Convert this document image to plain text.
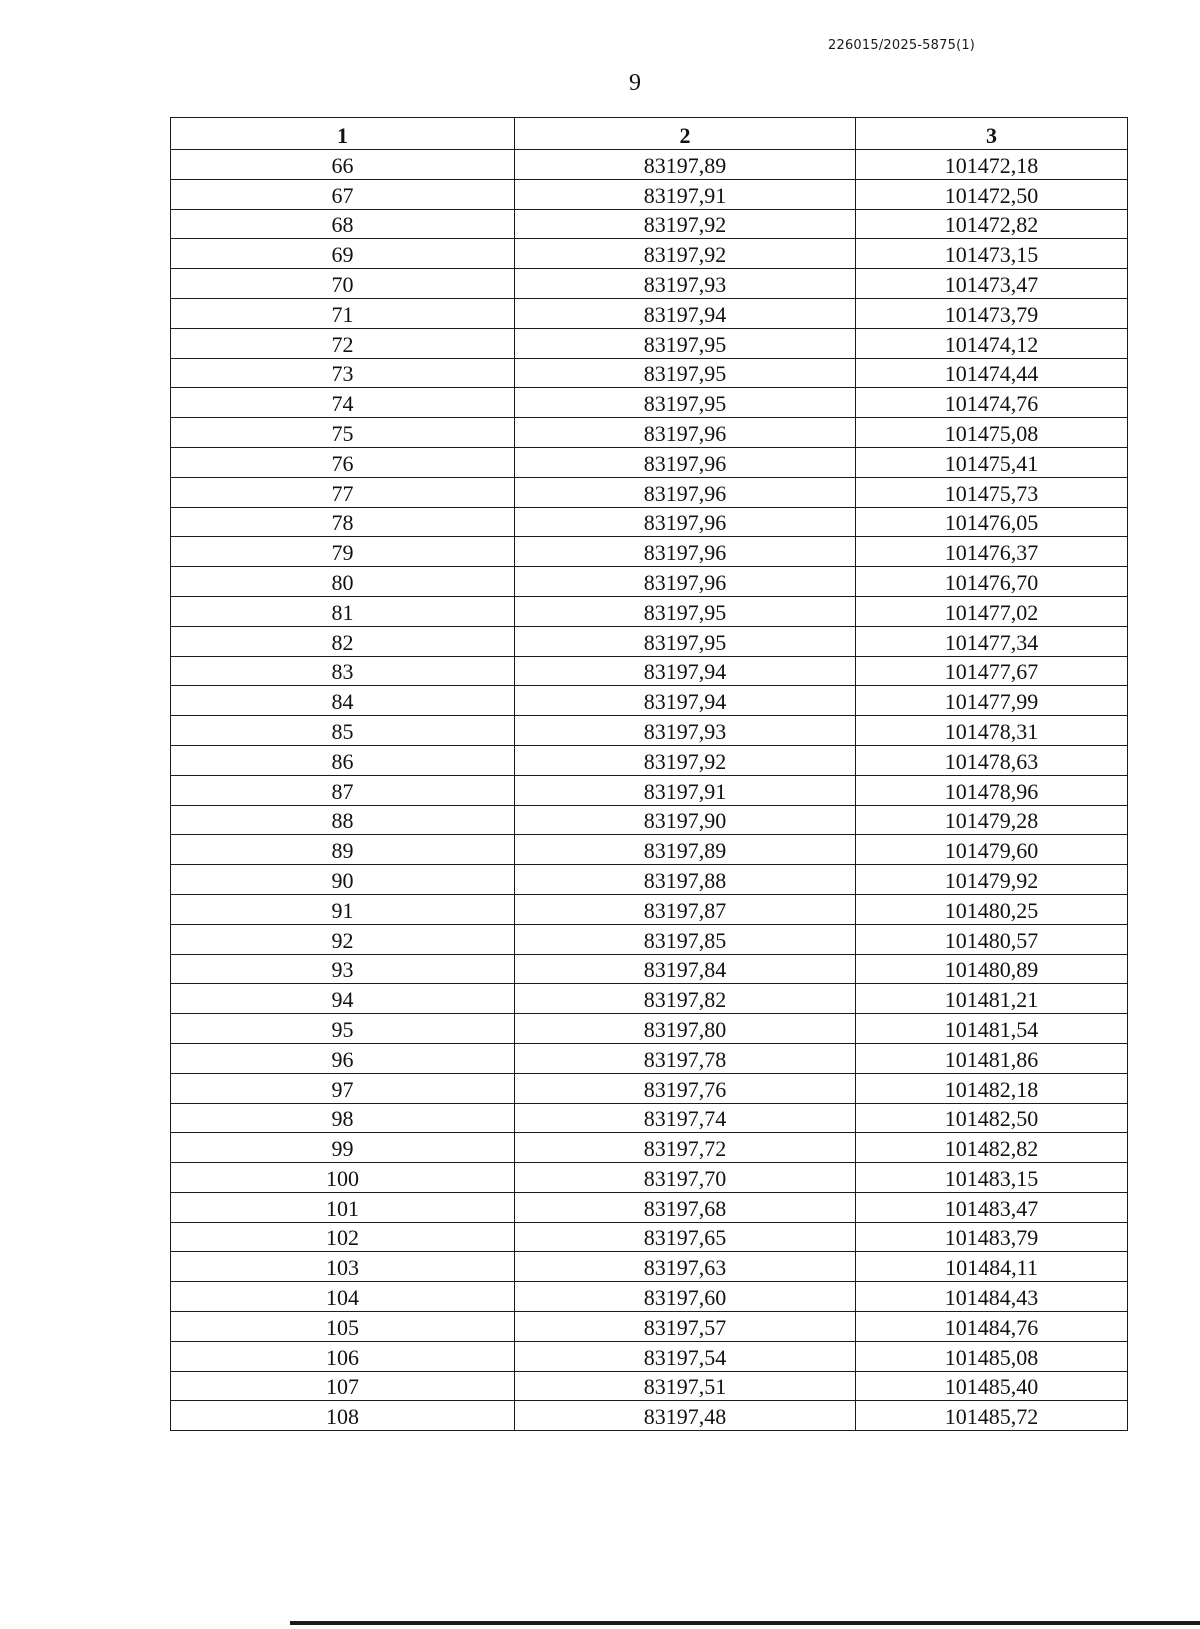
226015/2025-5875(1)
9
1	2	3
66	83197,89	101472,18
67	83197,91	101472,50
68	83197,92	101472,82
69	83197,92	101473,15
70	83197,93	101473,47
71	83197,94	101473,79
72	83197,95	101474,12
73	83197,95	101474,44
74	83197,95	101474,76
75	83197,96	101475,08
76	83197,96	101475,41
77	83197,96	101475,73
78	83197,96	101476,05
79	83197,96	101476,37
80	83197,96	101476,70
81	83197,95	101477,02
82	83197,95	101477,34
83	83197,94	101477,67
84	83197,94	101477,99
85	83197,93	101478,31
86	83197,92	101478,63
87	83197,91	101478,96
88	83197,90	101479,28
89	83197,89	101479,60
90	83197,88	101479,92
91	83197,87	101480,25
92	83197,85	101480,57
93	83197,84	101480,89
94	83197,82	101481,21
95	83197,80	101481,54
96	83197,78	101481,86
97	83197,76	101482,18
98	83197,74	101482,50
99	83197,72	101482,82
100	83197,70	101483,15
101	83197,68	101483,47
102	83197,65	101483,79
103	83197,63	101484,11
104	83197,60	101484,43
105	83197,57	101484,76
106	83197,54	101485,08
107	83197,51	101485,40
108	83197,48	101485,72
